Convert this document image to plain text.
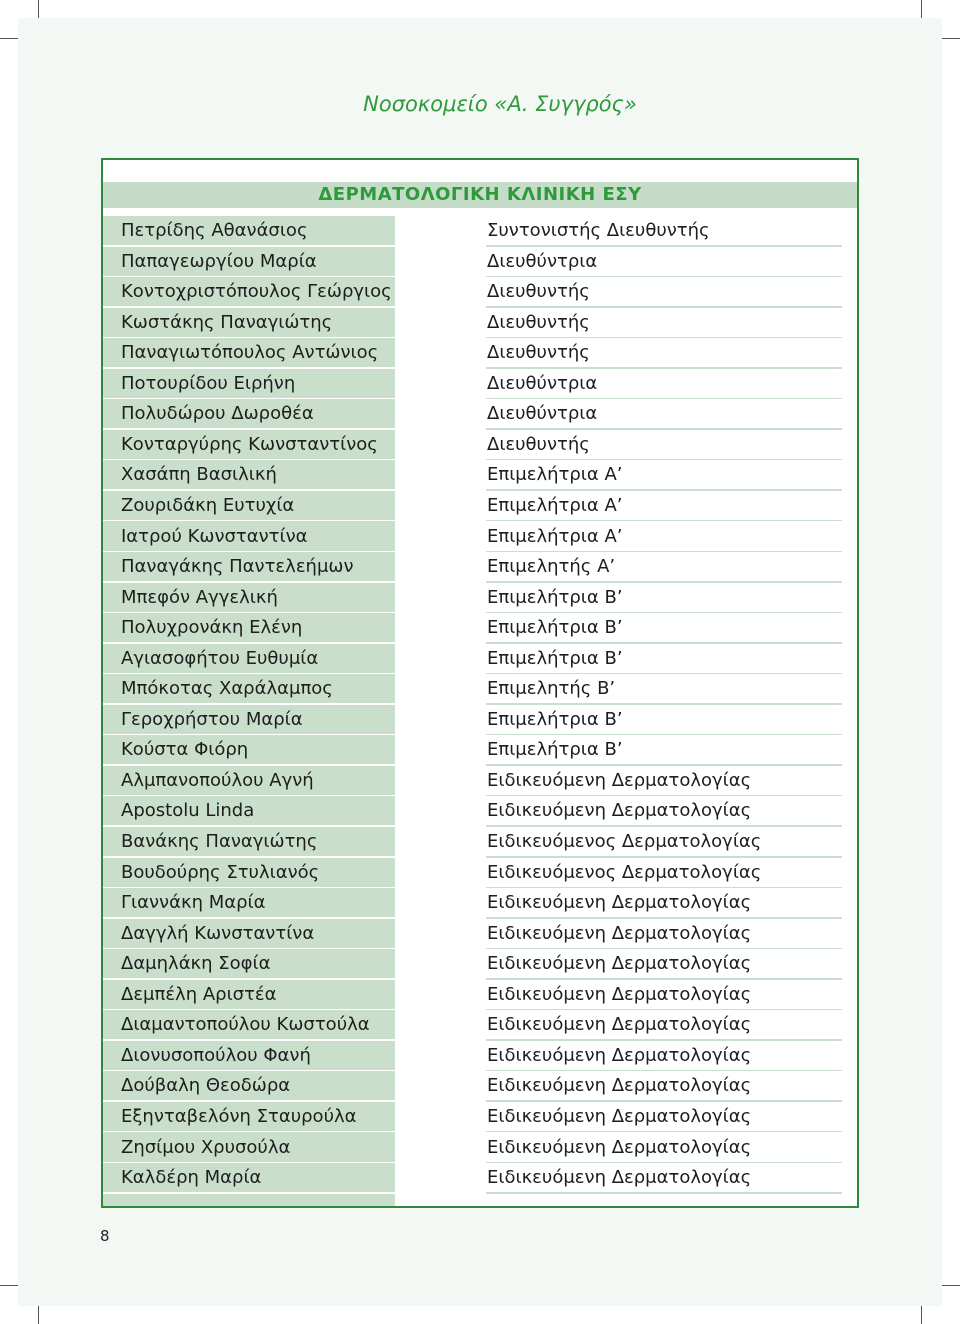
Νοσοκομείο «Α. Συγγρός»
ΔΕΡΜΑΤΟΛΟΓΙΚΗ ΚΛΙΝΙΚΗ ΕΣΥ
Πετρίδης Αθανάσιος	Συντονιστής Διευθυντής
Παπαγεωργίου Μαρία	Διευθύντρια
Κοντοχριστόπουλος Γεώργιος	Διευθυντής
Κωστάκης Παναγιώτης	Διευθυντής
Παναγιωτόπουλος Αντώνιος	Διευθυντής
Ποτουρίδου Ειρήνη	Διευθύντρια
Πολυδώρου Δωροθέα	Διευθύντρια
Κονταργύρης Κωνσταντίνος	Διευθυντής
Χασάπη Βασιλική	Επιμελήτρια Α’
Ζουριδάκη Ευτυχία	Επιμελήτρια Α’
Ιατρού Κωνσταντίνα	Επιμελήτρια Α’
Παναγάκης Παντελεήμων	Επιμελητής Α’
Μπεφόν Αγγελική	Επιμελήτρια Β’
Πολυχρονάκη Ελένη	Επιμελήτρια Β’
Αγιασοφήτου Ευθυμία	Επιμελήτρια Β’
Μπόκοτας Χαράλαμπος	Επιμελητής Β’
Γεροχρήστου Μαρία	Επιμελήτρια Β’
Κούστα Φιόρη	Επιμελήτρια Β’
Αλμπανοπούλου Αγνή	Ειδικευόμενη Δερματολογίας
Apostolu Linda	Ειδικευόμενη Δερματολογίας
Βανάκης Παναγιώτης	Ειδικευόμενος Δερματολογίας
Βουδούρης Στυλιανός	Ειδικευόμενος Δερματολογίας
Γιαννάκη Μαρία	Ειδικευόμενη Δερματολογίας
Δαγγλή Κωνσταντίνα	Ειδικευόμενη Δερματολογίας
Δαμηλάκη Σοφία	Ειδικευόμενη Δερματολογίας
Δεμπέλη Αριστέα	Ειδικευόμενη Δερματολογίας
Διαμαντοπούλου Κωστούλα	Ειδικευόμενη Δερματολογίας
Διονυσοπούλου Φανή	Ειδικευόμενη Δερματολογίας
Δούβαλη Θεοδώρα	Ειδικευόμενη Δερματολογίας
Εξηνταβελόνη Σταυρούλα	Ειδικευόμενη Δερματολογίας
Ζησίμου Χρυσούλα	Ειδικευόμενη Δερματολογίας
Καλδέρη Μαρία	Ειδικευόμενη Δερματολογίας
8
